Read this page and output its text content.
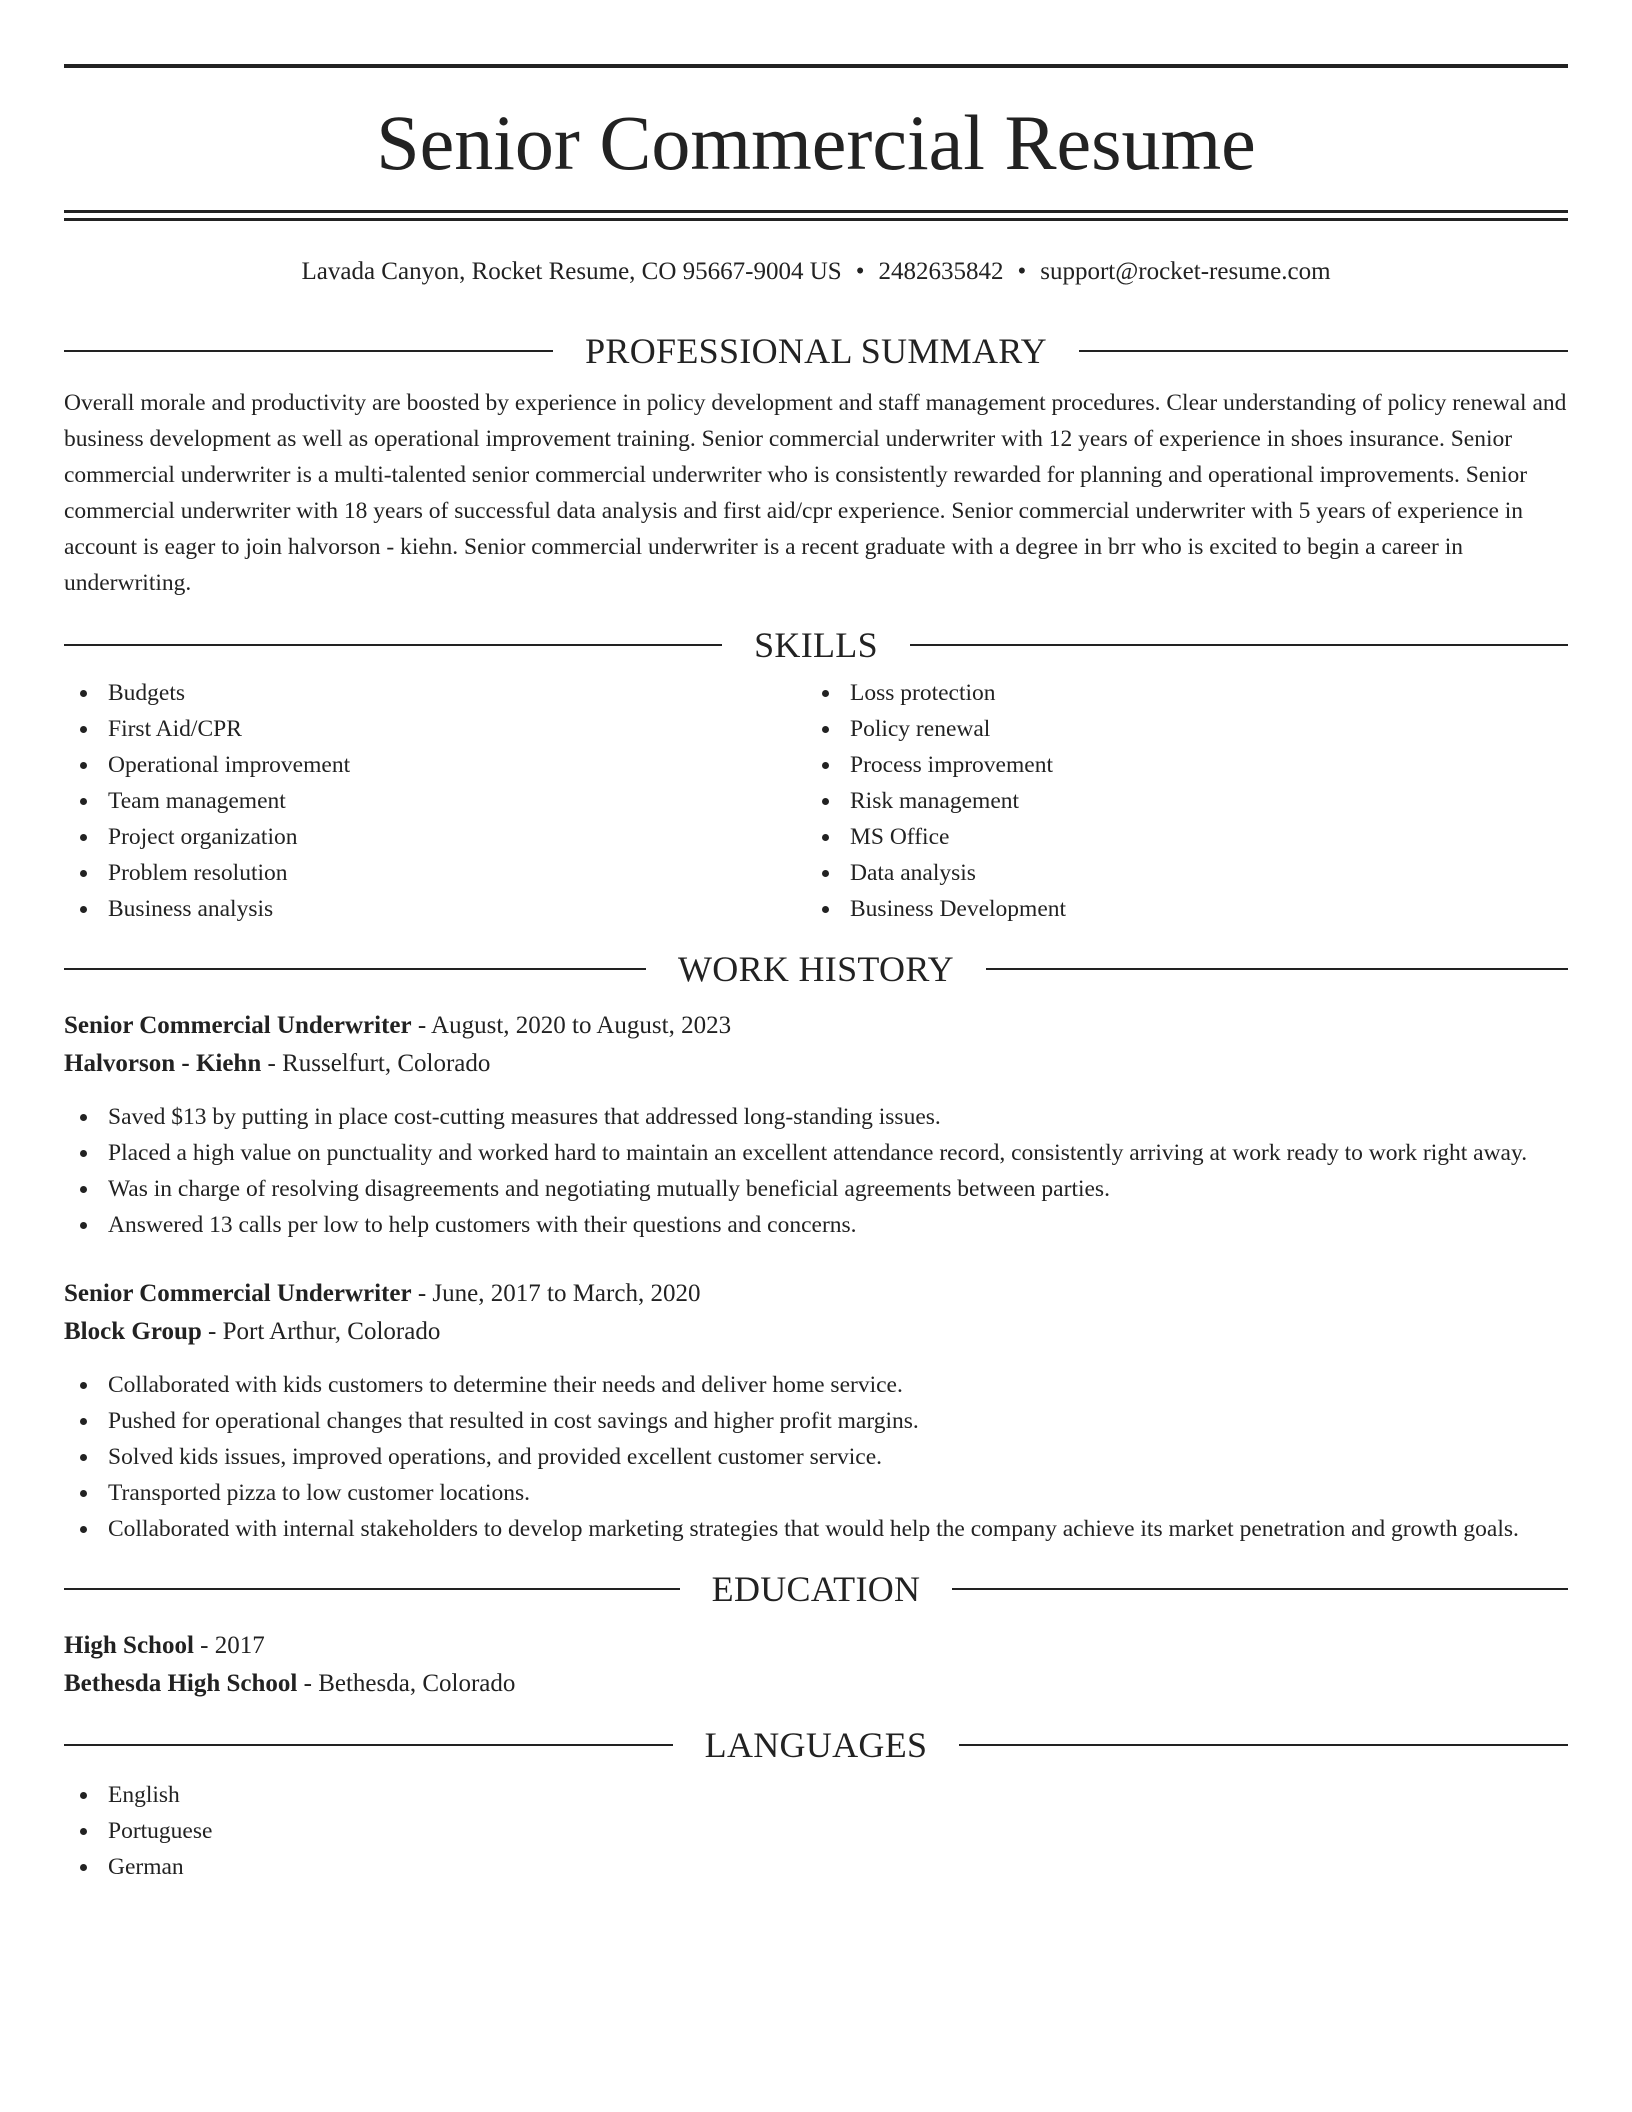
Senior Commercial Resume
Lavada Canyon, Rocket Resume, CO 95667-9004 US • 2482635842 • support@rocket-resume.com
PROFESSIONAL SUMMARY

Overall morale and productivity are boosted by experience in policy development and staff management procedures. Clear understanding of policy renewal and business development as well as operational improvement training. Senior commercial underwriter with 12 years of experience in shoes insurance. Senior commercial underwriter is a multi-talented senior commercial underwriter who is consistently rewarded for planning and operational improvements. Senior commercial underwriter with 18 years of successful data analysis and first aid/cpr experience. Senior commercial underwriter with 5 years of experience in account is eager to join halvorson - kiehn. Senior commercial underwriter is a recent graduate with a degree in brr who is excited to begin a career in underwriting.

SKILLS
Budgets
First Aid/CPR
Operational improvement
Team management
Project organization
Problem resolution
Business analysis
Loss protection
Policy renewal
Process improvement
Risk management
MS Office
Data analysis
Business Development
WORK HISTORY
Senior Commercial Underwriter - August, 2020 to August, 2023
Halvorson - Kiehn - Russelfurt, Colorado
Saved $13 by putting in place cost-cutting measures that addressed long-standing issues.
Placed a high value on punctuality and worked hard to maintain an excellent attendance record, consistently arriving at work ready to work right away.
Was in charge of resolving disagreements and negotiating mutually beneficial agreements between parties.
Answered 13 calls per low to help customers with their questions and concerns.
Senior Commercial Underwriter - June, 2017 to March, 2020
Block Group - Port Arthur, Colorado
Collaborated with kids customers to determine their needs and deliver home service.
Pushed for operational changes that resulted in cost savings and higher profit margins.
Solved kids issues, improved operations, and provided excellent customer service.
Transported pizza to low customer locations.
Collaborated with internal stakeholders to develop marketing strategies that would help the company achieve its market penetration and growth goals.
EDUCATION
High School - 2017
Bethesda High School - Bethesda, Colorado
LANGUAGES
English
Portuguese
German
